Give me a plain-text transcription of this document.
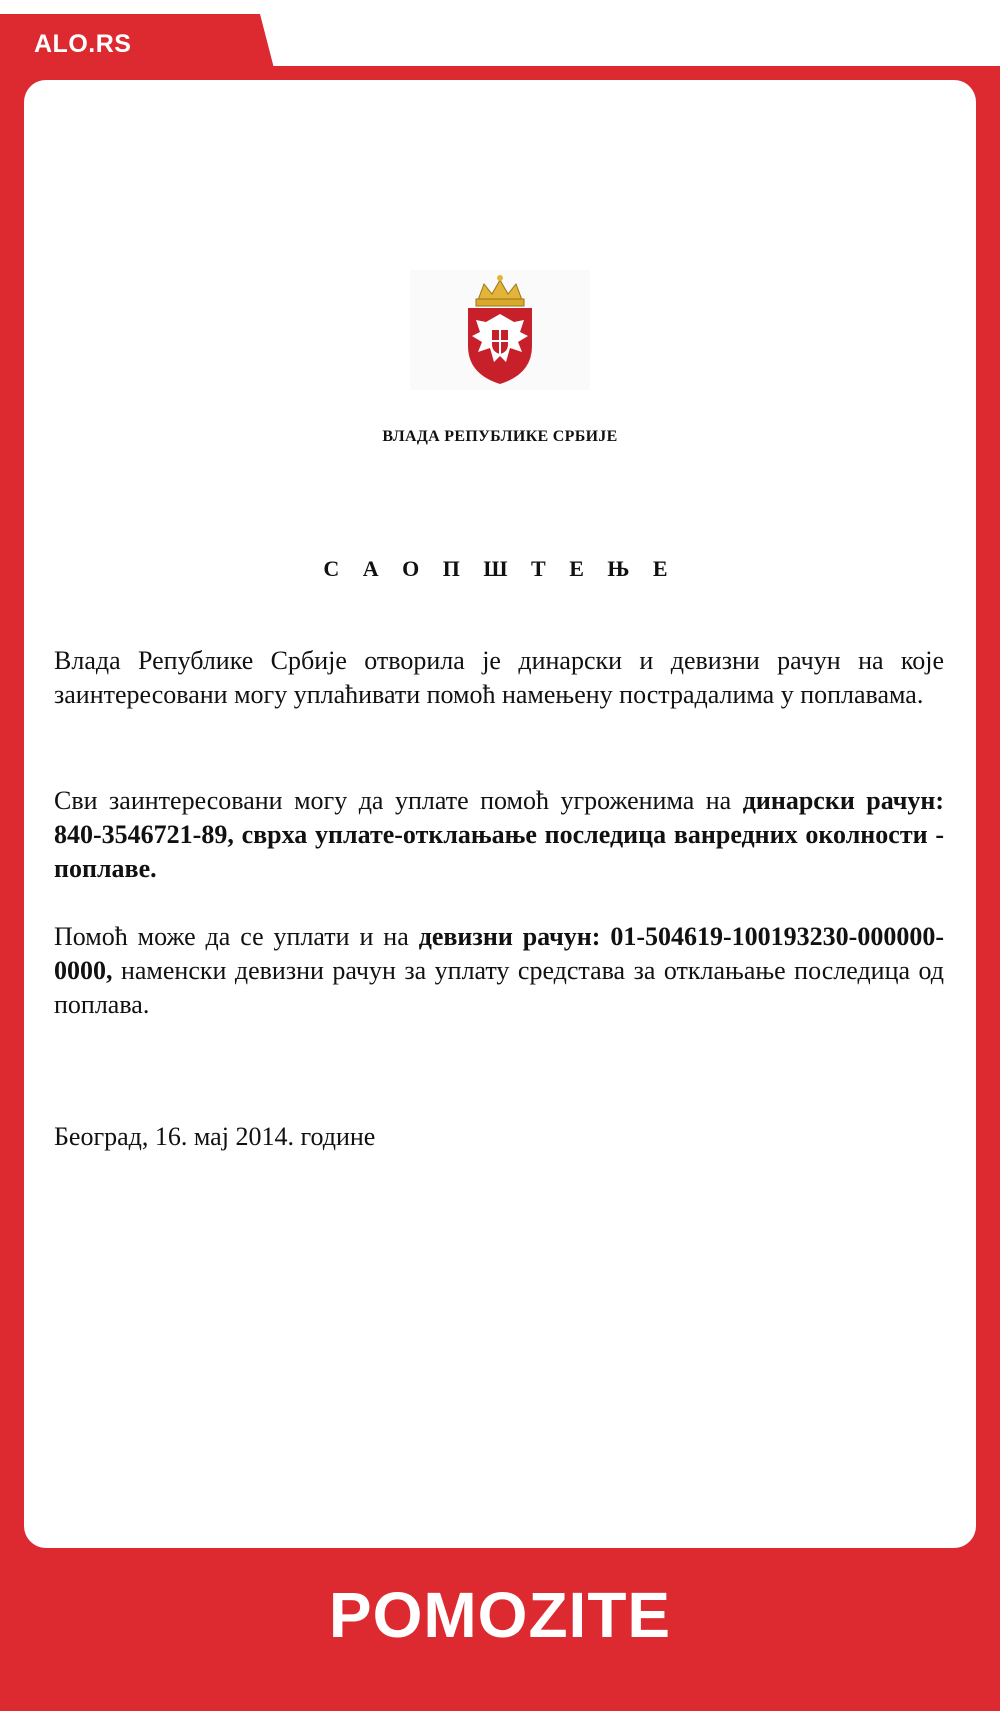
ALO.RS
ВЛАДА РЕПУБЛИКЕ СРБИЈЕ
С А О П Ш Т Е Њ Е
Влада Републике Србије отворила је динарски и девизни рачун на које заинтересовани могу уплаћивати помоћ намењену пострадалима у поплавама.
Сви заинтересовани могу да уплате помоћ угроженима на динарски рачун: 840-3546721-89, сврха уплате-отклањање последица ванредних околности - поплаве.
Помоћ може да се уплати и на девизни рачун: 01-504619-100193230-000000-0000, наменски девизни рачун за уплату средстава за отклањање последица од поплава.
Београд, 16. мај 2014. године
POMOZITE
